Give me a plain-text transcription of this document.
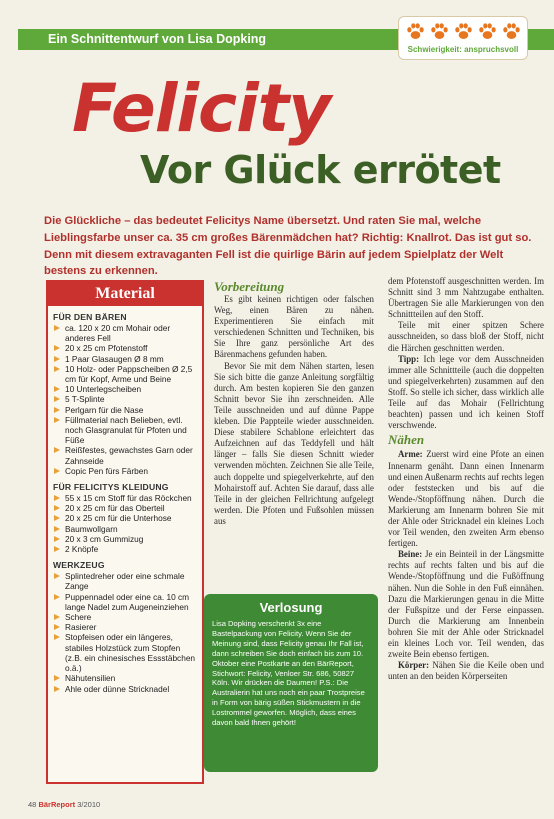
Ein Schnittentwurf von Lisa Dopking
Schwierigkeit: anspruchsvoll
Felicity
Vor Glück errötet
Die Glückliche – das bedeutet Felicitys Name übersetzt. Und raten Sie mal, welche Lieblingsfarbe unser ca. 35 cm großes Bärenmädchen hat? Richtig: Knallrot. Das ist gut so. Denn mit diesem extravaganten Fell ist die quirlige Bärin auf jedem Spielplatz der Welt bestens zu erkennen.
Material
FÜR DEN BÄREN
ca. 120 x 20 cm Mohair oder anderes Fell
20 x 25 cm Pfotenstoff
1 Paar Glasaugen Ø 8 mm
10 Holz- oder Pappscheiben Ø 2,5 cm für Kopf, Arme und Beine
10 Unterlegscheiben
5 T-Splinte
Perlgarn für die Nase
Füllmaterial nach Belieben, evtl. noch Glasgranulat für Pfoten und Füße
Reißfestes, gewachstes Garn oder Zahnseide
Copic Pen fürs Färben
FÜR FELICITYS KLEIDUNG
55 x 15 cm Stoff für das Röckchen
20 x 25 cm für das Oberteil
20 x 25 cm für die Unterhose
Baumwollgarn
20 x 3 cm Gummizug
2 Knöpfe
WERKZEUG
Splintedreher oder eine schmale Zange
Puppennadel oder eine ca. 10 cm lange Nadel zum Augeneinziehen
Schere
Rasierer
Stopfeisen oder ein längeres, stabiles Holzstück zum Stopfen (z.B. ein chinesisches Essstäbchen o.ä.)
Nähutensilien
Ahle oder dünne Stricknadel
Vorbereitung

Es gibt keinen richtigen oder falschen Weg, einen Bären zu nähen. Experimentieren Sie einfach mit verschiedenen Schnitten und Techniken, bis Sie Ihre ganz persönliche Art des Bärenmachens gefunden haben.

Bevor Sie mit dem Nähen starten, lesen Sie sich bitte die ganze Anleitung sorgfältig durch. Am besten kopieren Sie den ganzen Schnitt bevor Sie ihn zerschneiden. Alle Teile ausschneiden und auf dünne Pappe kleben. Die Pappteile wieder ausschneiden. Diese stabilere Schablone erleichtert das Aufzeichnen auf das Teddyfell und hält länger – falls Sie diesen Schnitt wieder verwenden möchten. Zeichnen Sie alle Teile, auch doppelte und spiegelverkehrte, auf den Mohairstoff auf. Achten Sie darauf, dass alle Teile in der gleichen Fellrichtung aufgelegt werden. Die Pfoten und Fußsohlen müssen aus

Verlosung
Lisa Dopking verschenkt 3x eine Bastelpackung von Felicity. Wenn Sie der Meinung sind, dass Felicity genau Ihr Fall ist, dann schreiben Sie doch einfach bis zum 10. Oktober eine Postkarte an den BärReport, Stichwort: Felicity, Venloer Str. 686, 50827 Köln. Wir drücken die Daumen! P.S.: Die Australierin hat uns noch ein paar Trostpreise in Form von bärig süßen Stickmustern in die Lostrommel geworfen. Möglich, dass eines davon bald Ihnen gehört!

dem Pfotenstoff ausgeschnitten werden. Im Schnitt sind 3 mm Nahtzugabe enthalten. Übertragen Sie alle Markierungen von den Schnittteilen auf den Stoff.

Teile mit einer spitzen Schere ausschneiden, so dass bloß der Stoff, nicht die Härchen geschnitten werden.

Tipp: Ich lege vor dem Ausschneiden immer alle Schnittteile (auch die doppelten und spiegelverkehrten) zusammen auf den Stoff. So stelle ich sicher, dass wirklich alle Teile auf das Mohair (Fellrichtung beachten) passen und ich keinen Stoff verschwende.

Nähen

Arme: Zuerst wird eine Pfote an einen Innenarm genäht. Dann einen Innenarm und einen Außenarm rechts auf rechts legen oder feststecken und bis auf die Wende-/Stopföffnung nähen. Durch die Markierung am Innenarm bohren Sie mit der Ahle oder Stricknadel ein kleines Loch vor Teil wenden, den zweiten Arm ebenso fertigen.

Beine: Je ein Beinteil in der Längsmitte rechts auf rechts falten und bis auf die Wende-/Stopföffnung und die Fußöffnung nähen. Nun die Sohle in den Fuß einnähen. Dazu die Markierungen genau in die Mitte der Fußspitze und der Ferse einpassen. Durch die Markierung am Innenbein bohren Sie mit der Ahle oder Stricknadel ein kleines Loch vor. Teil wenden, das zweite Bein ebenso fertigen.

Körper: Nähen Sie die Keile oben und unten an den beiden Körperseiten

48 BärReport 3/2010
